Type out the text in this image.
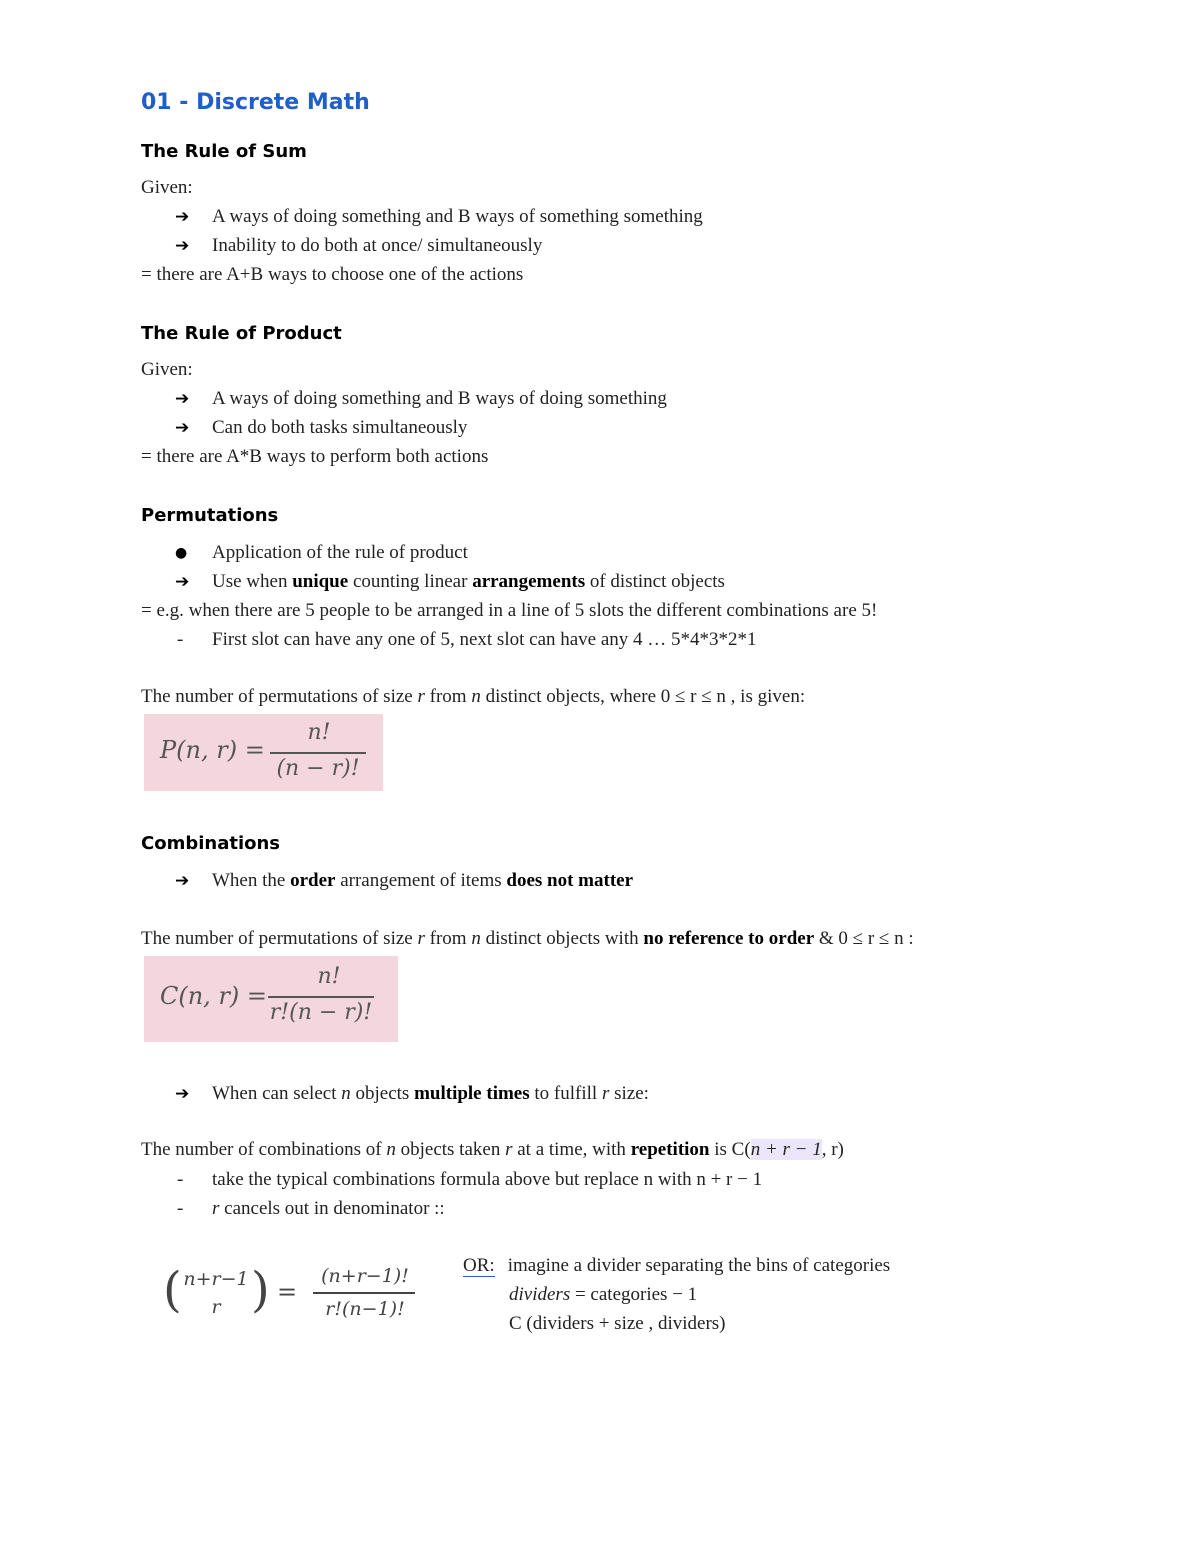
01 - Discrete Math
The Rule of Sum
Given:
➔ A ways of doing something and B ways of something something
➔ Inability to do both at once/ simultaneously
= there are A+B ways to choose one of the actions
The Rule of Product
Given:
➔ A ways of doing something and B ways of doing something
➔ Can do both tasks simultaneously
= there are A*B ways to perform both actions
Permutations
● Application of the rule of product
➔ Use when unique counting linear arrangements of distinct objects
= e.g. when there are 5 people to be arranged in a line of 5 slots the different combinations are 5!
- First slot can have any one of 5, next slot can have any 4 … 5*4*3*2*1
The number of permutations of size r from n distinct objects, where 0 ≤ r ≤ n , is given:
P(n, r) =
n!
(n − r)!
Combinations
➔ When the order arrangement of items does not matter
The number of permutations of size r from n distinct objects with no reference to order & 0 ≤ r ≤ n :
C(n, r) =
n!
r!(n − r)!
➔ When can select n objects multiple times to fulfill r size:
The number of combinations of n objects taken r at a time, with repetition is C(n + r − 1, r)
- take the typical combinations formula above but replace n with n + r − 1
- r cancels out in denominator ::
( n+r−1
r ) =
(n+r−1)!
r!(n−1)!
OR: imagine a divider separating the bins of categories
dividers = categories − 1
C (dividers + size , dividers)
